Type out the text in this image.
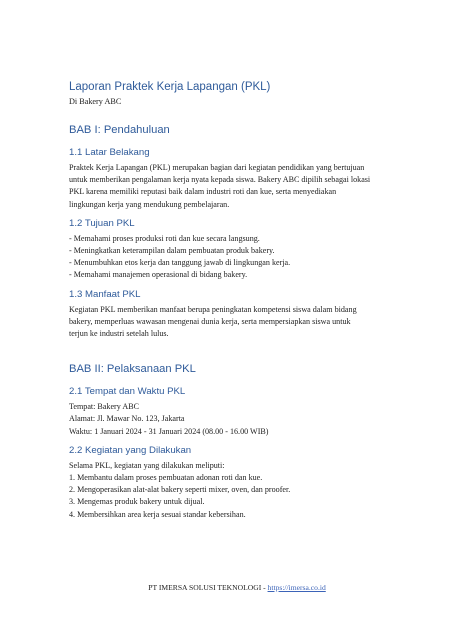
Laporan Praktek Kerja Lapangan (PKL)
Di Bakery ABC
BAB I: Pendahuluan
1.1 Latar Belakang

Praktek Kerja Lapangan (PKL) merupakan bagian dari kegiatan pendidikan yang bertujuan

untuk memberikan pengalaman kerja nyata kepada siswa. Bakery ABC dipilih sebagai lokasi

PKL karena memiliki reputasi baik dalam industri roti dan kue, serta menyediakan

lingkungan kerja yang mendukung pembelajaran.

1.2 Tujuan PKL
- Memahami proses produksi roti dan kue secara langsung.
- Meningkatkan keterampilan dalam pembuatan produk bakery.
- Menumbuhkan etos kerja dan tanggung jawab di lingkungan kerja.
- Memahami manajemen operasional di bidang bakery.
1.3 Manfaat PKL

Kegiatan PKL memberikan manfaat berupa peningkatan kompetensi siswa dalam bidang

bakery, memperluas wawasan mengenai dunia kerja, serta mempersiapkan siswa untuk

terjun ke industri setelah lulus.

BAB II: Pelaksanaan PKL
2.1 Tempat dan Waktu PKL

Tempat: Bakery ABC

Alamat: Jl. Mawar No. 123, Jakarta

Waktu: 1 Januari 2024 - 31 Januari 2024 (08.00 - 16.00 WIB)

2.2 Kegiatan yang Dilakukan
Selama PKL, kegiatan yang dilakukan meliputi:
1. Membantu dalam proses pembuatan adonan roti dan kue.
2. Mengoperasikan alat-alat bakery seperti mixer, oven, dan proofer.
3. Mengemas produk bakery untuk dijual.
4. Membersihkan area kerja sesuai standar kebersihan.
PT IMERSA SOLUSI TEKNOLOGI - https://imersa.co.id
